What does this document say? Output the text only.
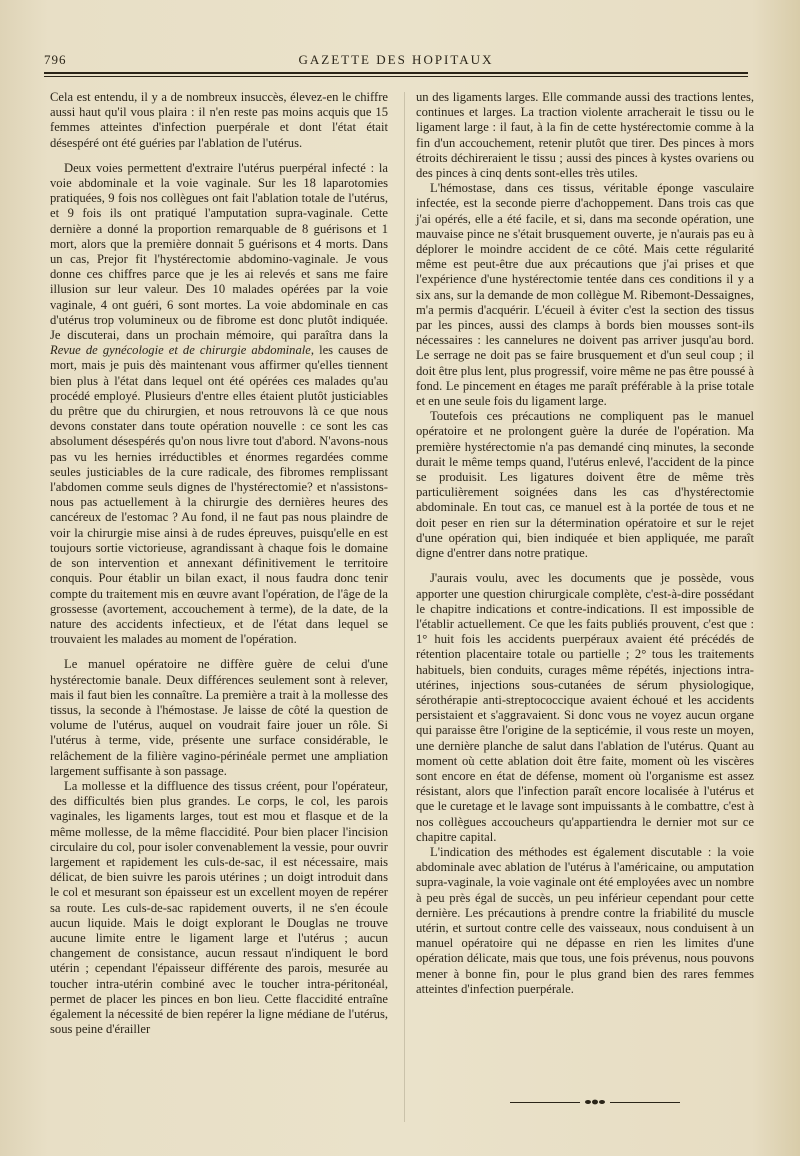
796	GAZETTE DES HOPITAUX

Cela est entendu, il y a de nombreux insuccès, élevez-en le chiffre aussi haut qu'il vous plaira : il n'en reste pas moins acquis que 15 femmes atteintes d'infection puerpérale et dont l'état était désespéré ont été guéries par l'ablation de l'utérus.

Deux voies permettent d'extraire l'utérus puerpéral infecté : la voie abdominale et la voie vaginale. Sur les 18 laparotomies pratiquées, 9 fois nos collègues ont fait l'ablation totale de l'utérus, et 9 fois ils ont pratiqué l'amputation supra-vaginale. Cette dernière a donné la proportion remarquable de 8 guérisons et 1 mort, alors que la première donnait 5 guérisons et 4 morts. Dans un cas, Prejor fit l'hystérectomie abdomino-vaginale. Je vous donne ces chiffres parce que je les ai relevés et sans me faire illusion sur leur valeur. Des 10 malades opérées par la voie vaginale, 4 ont guéri, 6 sont mortes. La voie abdominale en cas d'utérus trop volumineux ou de fibrome est donc plutôt indiquée. Je discuterai, dans un prochain mémoire, qui paraîtra dans la Revue de gynécologie et de chirurgie abdominale, les causes de mort, mais je puis dès maintenant vous affirmer qu'elles tiennent bien plus à l'état dans lequel ont été opérées ces malades qu'au procédé employé. Plusieurs d'entre elles étaient plutôt justiciables du prêtre que du chirurgien, et nous retrouvons là ce que nous devons constater dans toute opération nouvelle : ce sont les cas absolument désespérés qu'on nous livre tout d'abord. N'avons-nous pas vu les hernies irréductibles et énormes regardées comme seules justiciables de la cure radicale, des fibromes remplissant l'abdomen comme seuls dignes de l'hystérectomie? et n'assistons-nous pas actuellement à la chirurgie des dernières heures des cancéreux de l'estomac ? Au fond, il ne faut pas nous plaindre de voir la chirurgie mise ainsi à de rudes épreuves, puisqu'elle en est toujours sortie victorieuse, agrandissant à chaque fois le domaine de son intervention et annexant définitivement le territoire conquis. Pour établir un bilan exact, il nous faudra donc tenir compte du traitement mis en œuvre avant l'opération, de l'âge de la grossesse (avortement, accouchement à terme), de la date, de la nature des accidents infectieux, et de l'état dans lequel se trouvaient les malades au moment de l'opération.

Le manuel opératoire ne diffère guère de celui d'une hystérectomie banale. Deux différences seulement sont à relever, mais il faut bien les connaître. La première a trait à la mollesse des tissus, la seconde à l'hémostase. Je laisse de côté la question de volume de l'utérus, auquel on voudrait faire jouer un rôle. Si l'utérus à terme, vide, présente une surface considérable, le relâchement de la filière vagino-périnéale permet une ampliation largement suffisante à son passage.

La mollesse et la diffluence des tissus créent, pour l'opérateur, des difficultés bien plus grandes. Le corps, le col, les parois vaginales, les ligaments larges, tout est mou et flasque et de la même mollesse, de la même flaccidité. Pour bien placer l'incision circulaire du col, pour isoler convenablement la vessie, pour ouvrir largement et rapidement les culs-de-sac, il est nécessaire, mais délicat, de bien suivre les parois utérines ; un doigt introduit dans le col et mesurant son épaisseur est un excellent moyen de repérer sa route. Les culs-de-sac rapidement ouverts, il ne s'en écoule aucun liquide. Mais le doigt explorant le Douglas ne trouve aucune limite entre le ligament large et l'utérus ; aucun changement de consistance, aucun ressaut n'indiquent le bord utérin ; cependant l'épaisseur différente des parois, mesurée au toucher intra-utérin combiné avec le toucher intra-péritonéal, permet de placer les pinces en bon lieu. Cette flaccidité entraîne également la nécessité de bien repérer la ligne médiane de l'utérus, sous peine d'érailler

un des ligaments larges. Elle commande aussi des tractions lentes, continues et larges. La traction violente arracherait le tissu ou le ligament large : il faut, à la fin de cette hystérectomie comme à la fin d'un accouchement, retenir plutôt que tirer. Des pinces à mors étroits déchireraient le tissu ; aussi des pinces à kystes ovariens ou des pinces à cinq dents sont-elles très utiles.

L'hémostase, dans ces tissus, véritable éponge vasculaire infectée, est la seconde pierre d'achoppement. Dans trois cas que j'ai opérés, elle a été facile, et si, dans ma seconde opération, une mauvaise pince ne s'était brusquement ouverte, je n'aurais pas eu à déplorer le moindre accident de ce côté. Mais cette régularité même est peut-être due aux précautions que j'ai prises et que l'expérience d'une hystérectomie tentée dans ces conditions il y a six ans, sur la demande de mon collègue M. Ribemont-Dessaignes, m'a permis d'acquérir. L'écueil à éviter c'est la section des tissus par les pinces, aussi des clamps à bords bien mousses sont-ils nécessaires : les cannelures ne doivent pas arriver jusqu'au bord. Le serrage ne doit pas se faire brusquement et d'un seul coup ; il doit être plus lent, plus progressif, voire même ne pas être poussé à fond. Le pincement en étages me paraît préférable à la prise totale et en une seule fois du ligament large.

Toutefois ces précautions ne compliquent pas le manuel opératoire et ne prolongent guère la durée de l'opération. Ma première hystérectomie n'a pas demandé cinq minutes, la seconde durait le même temps quand, l'utérus enlevé, l'accident de la pince se produisit. Les ligatures doivent être de même très particulièrement soignées dans les cas d'hystérectomie abdominale. En tout cas, ce manuel est à la portée de tous et ne doit peser en rien sur la détermination opératoire et sur le rejet d'une opération qui, bien indiquée et bien appliquée, me paraît digne d'entrer dans notre pratique.

J'aurais voulu, avec les documents que je possède, vous apporter une question chirurgicale complète, c'est-à-dire possédant le chapitre indications et contre-indications. Il est impossible de l'établir actuellement. Ce que les faits publiés prouvent, c'est que : 1° huit fois les accidents puerpéraux avaient été précédés de rétention placentaire totale ou partielle ; 2° tous les traitements habituels, bien conduits, curages même répétés, injections intra-utérines, injections sous-cutanées de sérum physiologique, sérothérapie anti-streptococcique avaient échoué et les accidents persistaient et s'aggravaient. Si donc vous ne voyez aucun organe qui paraisse être l'origine de la septicémie, il vous reste un moyen, une dernière planche de salut dans l'ablation de l'utérus. Quant au moment où cette ablation doit être faite, moment où les viscères sont encore en état de défense, moment où l'organisme est assez résistant, alors que l'infection paraît encore localisée à l'utérus et que le curetage et le lavage sont impuissants à le combattre, c'est à nos collègues accoucheurs qu'appartiendra le dernier mot sur ce chapitre capital.

L'indication des méthodes est également discutable : la voie abdominale avec ablation de l'utérus à l'américaine, ou amputation supra-vaginale, la voie vaginale ont été employées avec un nombre à peu près égal de succès, un peu inférieur cependant pour cette dernière. Les précautions à prendre contre la friabilité du muscle utérin, et surtout contre celle des vaisseaux, nous conduisent à un manuel opératoire qui ne dépasse en rien les limites d'une opération délicate, mais que tous, une fois prévenus, nous pouvons mener à bonne fin, pour le plus grand bien des rares femmes atteintes d'infection puerpérale.
